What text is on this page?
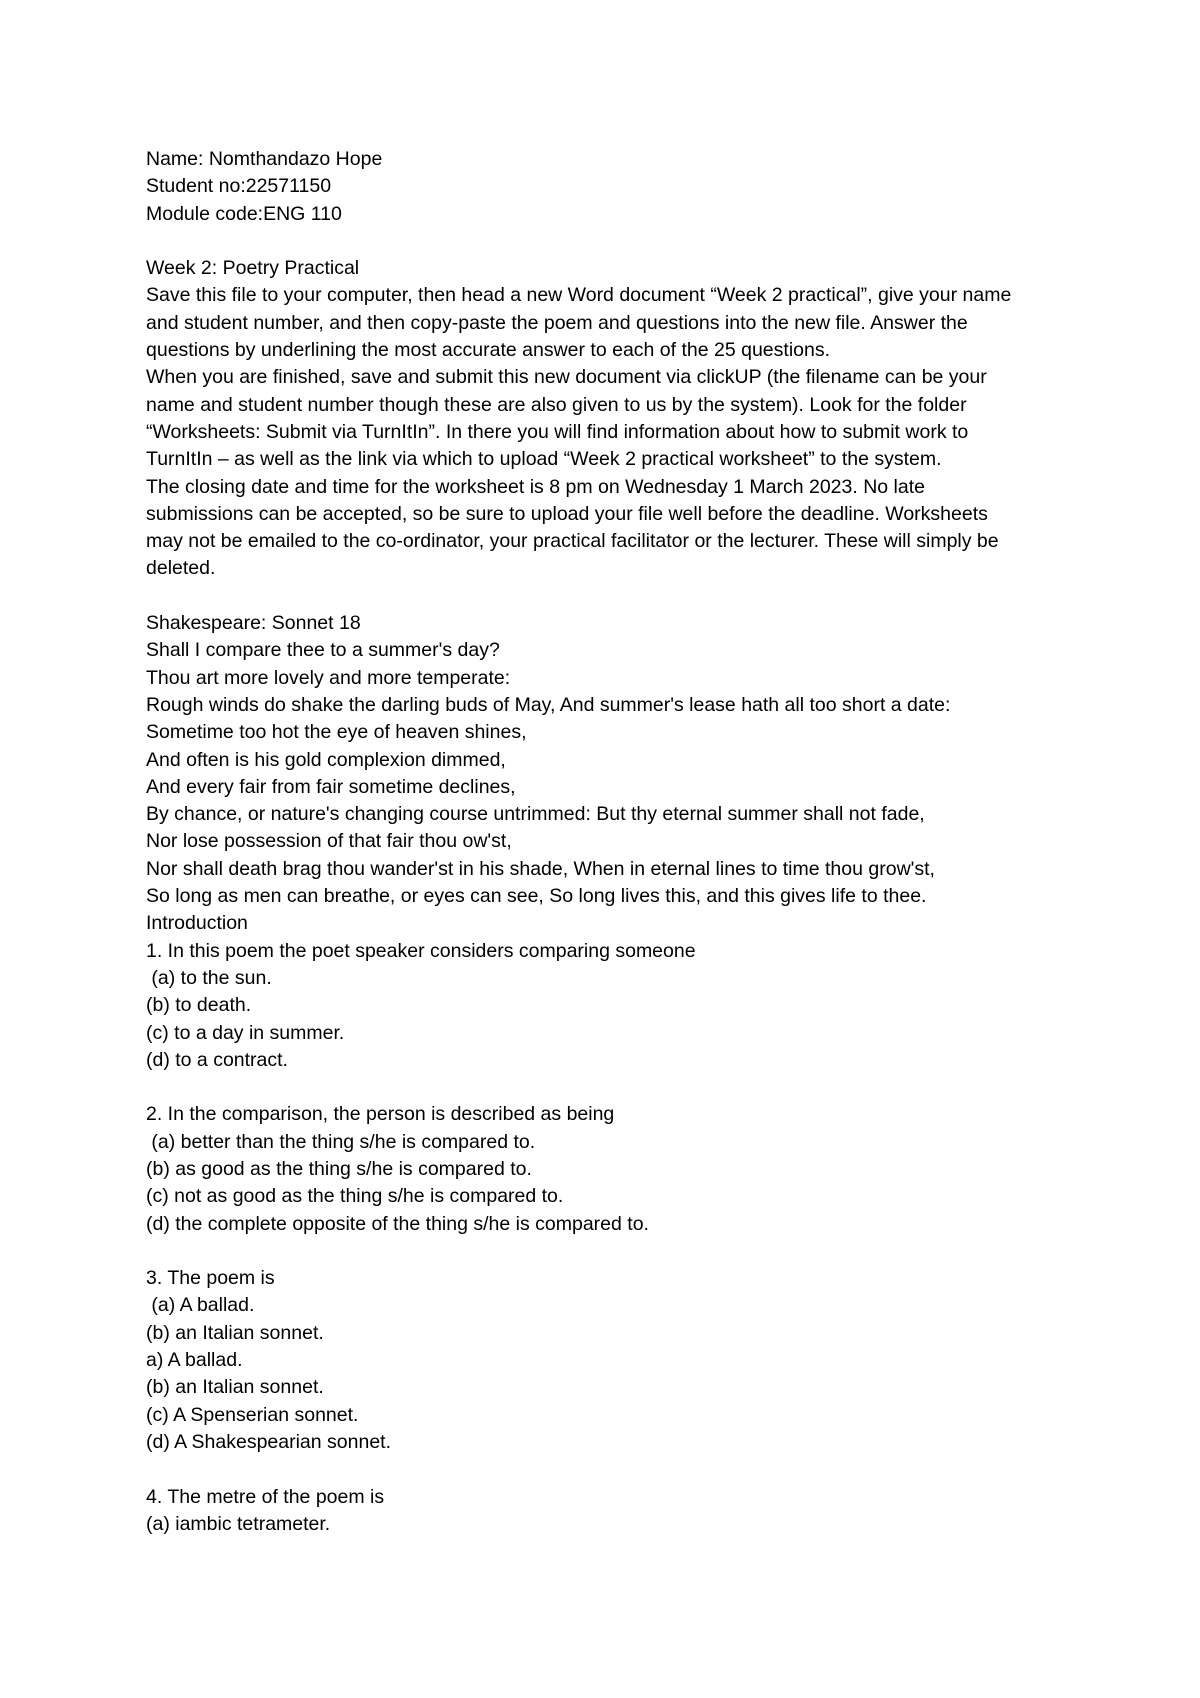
Name: Nomthandazo Hope
Student no:22571150
Module code:ENG 110
Week 2: Poetry Practical
Save this file to your computer, then head a new Word document “Week 2 practical”, give your name
and student number, and then copy-paste the poem and questions into the new file. Answer the
questions by underlining the most accurate answer to each of the 25 questions.
When you are finished, save and submit this new document via clickUP (the filename can be your
name and student number though these are also given to us by the system). Look for the folder
“Worksheets: Submit via TurnItIn”. In there you will find information about how to submit work to
TurnItIn – as well as the link via which to upload “Week 2 practical worksheet” to the system.
The closing date and time for the worksheet is 8 pm on Wednesday 1 March 2023. No late
submissions can be accepted, so be sure to upload your file well before the deadline. Worksheets
may not be emailed to the co-ordinator, your practical facilitator or the lecturer. These will simply be
deleted.
Shakespeare: Sonnet 18
Shall I compare thee to a summer's day?
Thou art more lovely and more temperate:
Rough winds do shake the darling buds of May, And summer's lease hath all too short a date:
Sometime too hot the eye of heaven shines,
And often is his gold complexion dimmed,
And every fair from fair sometime declines,
By chance, or nature's changing course untrimmed: But thy eternal summer shall not fade,
Nor lose possession of that fair thou ow'st,
Nor shall death brag thou wander'st in his shade, When in eternal lines to time thou grow'st,
So long as men can breathe, or eyes can see, So long lives this, and this gives life to thee.
Introduction
1. In this poem the poet speaker considers comparing someone
(a) to the sun.
(b) to death.
(c) to a day in summer.
(d) to a contract.
2. In the comparison, the person is described as being
(a) better than the thing s/he is compared to.
(b) as good as the thing s/he is compared to.
(c) not as good as the thing s/he is compared to.
(d) the complete opposite of the thing s/he is compared to.
3. The poem is
(a) A ballad.
(b) an Italian sonnet.
a) A ballad.
(b) an Italian sonnet.
(c) A Spenserian sonnet.
(d) A Shakespearian sonnet.
4. The metre of the poem is
(a) iambic tetrameter.
